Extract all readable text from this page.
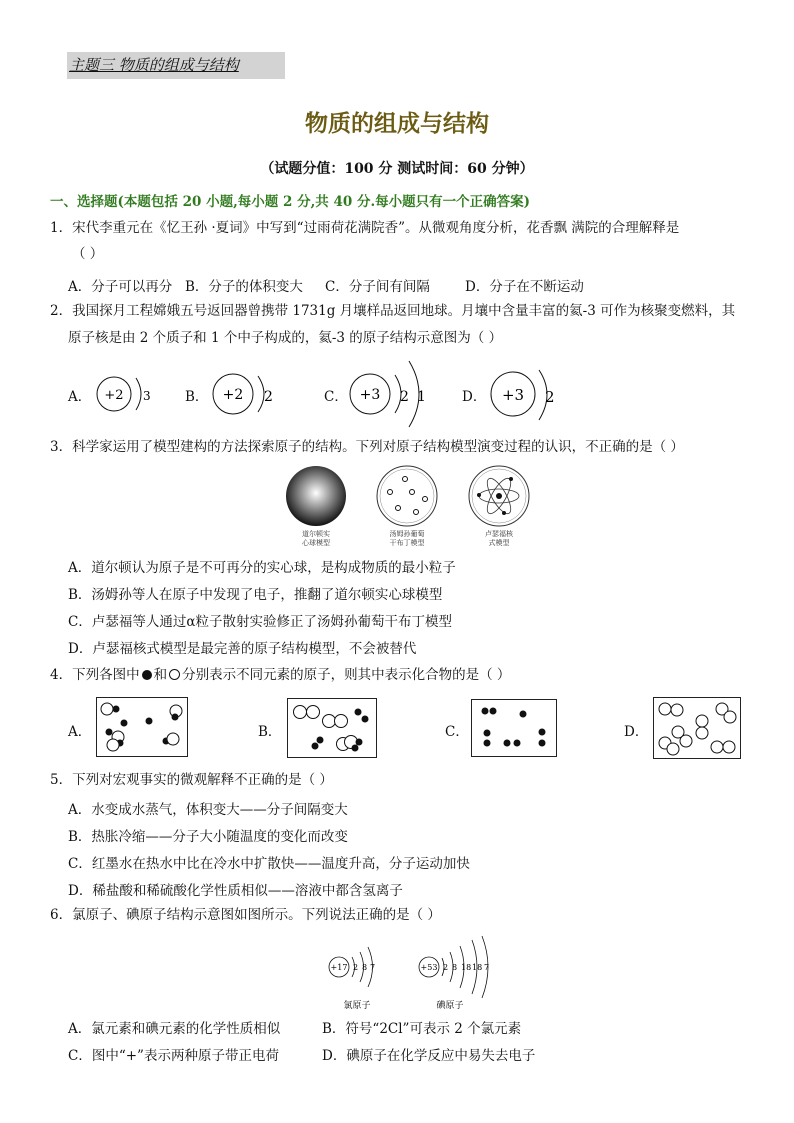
主题三 物质的组成与结构
物质的组成与结构
（试题分值：100 分 测试时间：60 分钟）
一、选择题(本题包括 20 小题,每小题 2 分,共 40 分.每小题只有一个正确答案)
1．宋代李重元在《忆王孙 ·夏词》中写到“过雨荷花满院香”。从微观角度分析，花香飘 满院的合理解释是
（ ）
A．分子可以再分 B．分子的体积变大 C．分子间有间隔	D．分子在不断运动
2．我国探月工程嫦娥五号返回器曾携带 1731g 月壤样品返回地球。月壤中含量丰富的氦-3 可作为核聚变燃料，其
原子核是由 2 个质子和 1 个中子构成的，氦-3 的原子结构示意图为（ ）
A．	B．	C．	D．
+2 3	+2 2	+3 2 1	+3 2
3．科学家运用了模型建构的方法探索原子的结构。下列对原子结构模型演变过程的认识，不正确的是（ ）
道尔顿实
心球模型
汤姆孙葡萄
干布丁模型
卢瑟福核
式模型
A．道尔顿认为原子是不可再分的实心球，是构成物质的最小粒子
B．汤姆孙等人在原子中发现了电子，推翻了道尔顿实心球模型
C．卢瑟福等人通过α粒子散射实验修正了汤姆孙葡萄干布丁模型
D．卢瑟福核式模型是最完善的原子结构模型，不会被替代
4．下列各图中 和 分别表示不同元素的原子，则其中表示化合物的是（ ）
A．	B．	C．	D．
5．下列对宏观事实的微观解释不正确的是（ ）
A．水变成水蒸气，体积变大——分子间隔变大
B．热胀冷缩——分子大小随温度的变化而改变
C．红墨水在热水中比在冷水中扩散快——温度升高，分子运动加快
D．稀盐酸和稀硫酸化学性质相似——溶液中都含氢离子
6．氯原子、碘原子结构示意图如图所示。下列说法正确的是（ ）
+17 2 8 7
氯原子
+53 2 8 18 18 7
碘原子
A．氯元素和碘元素的化学性质相似	B．符号“2Cl”可表示 2 个氯元素
C．图中“+”表示两种原子带正电荷	D．碘原子在化学反应中易失去电子
